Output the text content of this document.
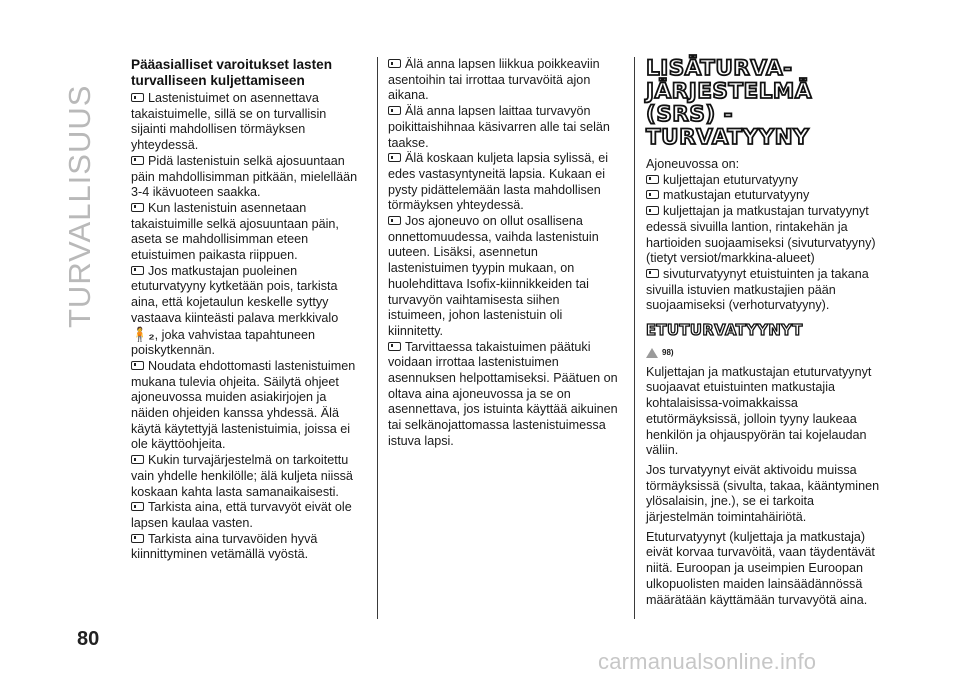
TURVALLISUUS
Pääasialliset varoitukset lasten turvalliseen kuljettamiseen

Lastenistuimet on asennettava takaistuimelle, sillä se on turvallisin sijainti mahdollisen törmäyksen yhteydessä.

Pidä lastenistuin selkä ajosuuntaan päin mahdollisimman pitkään, mielellään 3-4 ikävuoteen saakka.

Kun lastenistuin asennetaan takaistuimille selkä ajosuuntaan päin, aseta se mahdollisimman eteen etuistuimen paikasta riippuen.

Jos matkustajan puoleinen etuturvatyyny kytketään pois, tarkista aina, että kojetaulun keskelle syttyy vastaava kiinteästi palava merkkivalo
🧍₂, joka vahvistaa tapahtuneen poiskytkennän.

Noudata ehdottomasti lastenistuimen mukana tulevia ohjeita. Säilytä ohjeet ajoneuvossa muiden asiakirjojen ja näiden ohjeiden kanssa yhdessä. Älä käytä käytettyjä lastenistuimia, joissa ei ole käyttöohjeita.

Kukin turvajärjestelmä on tarkoitettu vain yhdelle henkilölle; älä kuljeta niissä koskaan kahta lasta samanaikaisesti.

Tarkista aina, että turvavyöt eivät ole lapsen kaulaa vasten.

Tarkista aina turvavöiden hyvä kiinnittyminen vetämällä vyöstä.

Älä anna lapsen liikkua poikkeaviin asentoihin tai irrottaa turvavöitä ajon aikana.

Älä anna lapsen laittaa turvavyön poikittaishihnaa käsivarren alle tai selän taakse.

Älä koskaan kuljeta lapsia sylissä, ei edes vastasyntyneitä lapsia. Kukaan ei pysty pidättelemään lasta mahdollisen törmäyksen yhteydessä.

Jos ajoneuvo on ollut osallisena onnettomuudessa, vaihda lastenistuin uuteen. Lisäksi, asennetun lastenistuimen tyypin mukaan, on huolehdittava Isofix-kiinnikkeiden tai turvavyön vaihtamisesta siihen istuimeen, johon lastenistuin oli kiinnitetty.

Tarvittaessa takaistuimen päätuki voidaan irrottaa lastenistuimen asennuksen helpottamiseksi. Päätuen on oltava aina ajoneuvossa ja se on asennettava, jos istuinta käyttää aikuinen tai selkänojattomassa lastenistuimessa istuva lapsi.

LISÄTURVA-JÄRJESTELMÄ (SRS) - TURVATYYNY

Ajoneuvossa on:

kuljettajan etuturvatyyny

matkustajan etuturvatyyny

kuljettajan ja matkustajan turvatyynyt edessä sivuilla lantion, rintakehän ja hartioiden suojaamiseksi (sivuturvatyyny) (tietyt versiot/markkina-alueet)

sivuturvatyynyt etuistuinten ja takana sivuilla istuvien matkustajien pään suojaamiseksi (verhoturvatyyny).

ETUTURVATYYNYT
98)

Kuljettajan ja matkustajan etuturvatyynyt suojaavat etuistuinten matkustajia kohtalaisissa-voimakkaissa etutörmäyksissä, jolloin tyyny laukeaa henkilön ja ohjauspyörän tai kojelaudan väliin.

Jos turvatyynyt eivät aktivoidu muissa törmäyksissä (sivulta, takaa, kääntyminen ylösalaisin, jne.), se ei tarkoita järjestelmän toimintahäiriötä.

Etuturvatyynyt (kuljettaja ja matkustaja) eivät korvaa turvavöitä, vaan täydentävät niitä. Euroopan ja useimpien Euroopan ulkopuolisten maiden lainsäädännössä määrätään käyttämään turvavyötä aina.

80
carmanualsonline.info
